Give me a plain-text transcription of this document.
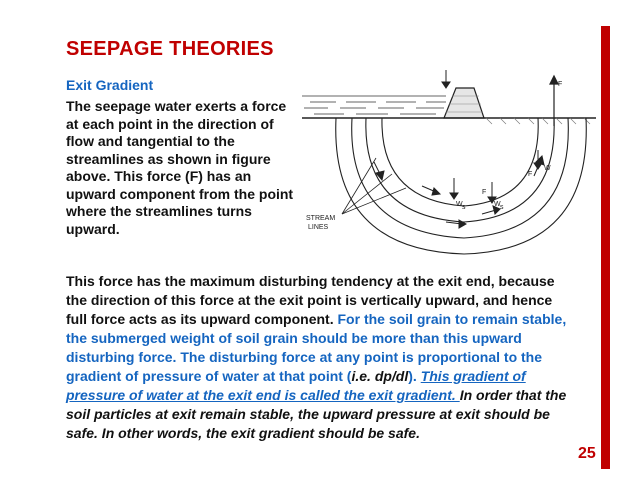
SEEPAGE THEORIES
Exit Gradient

The seepage water exerts a force at each point in the direction of flow and tangential to the streamlines as shown in figure above. This force (F) has an upward component from the point where the streamlines turns upward.

F
F
W s	W s
F
W
STREAM
LINES

This force has the maximum disturbing tendency at the exit end, because the direction of this force at the exit point is vertically upward, and hence full force acts as its upward component. For the soil grain to remain stable, the submerged weight of soil grain should be more than this upward disturbing force. The disturbing force at any point is proportional to the gradient of pressure of water at that point (i.e. dp/dl). This gradient of pressure of water at the exit end is called the exit gradient. In order that the soil particles at exit remain stable, the upward pressure at exit should be safe. In other words, the exit gradient should be safe.

25
